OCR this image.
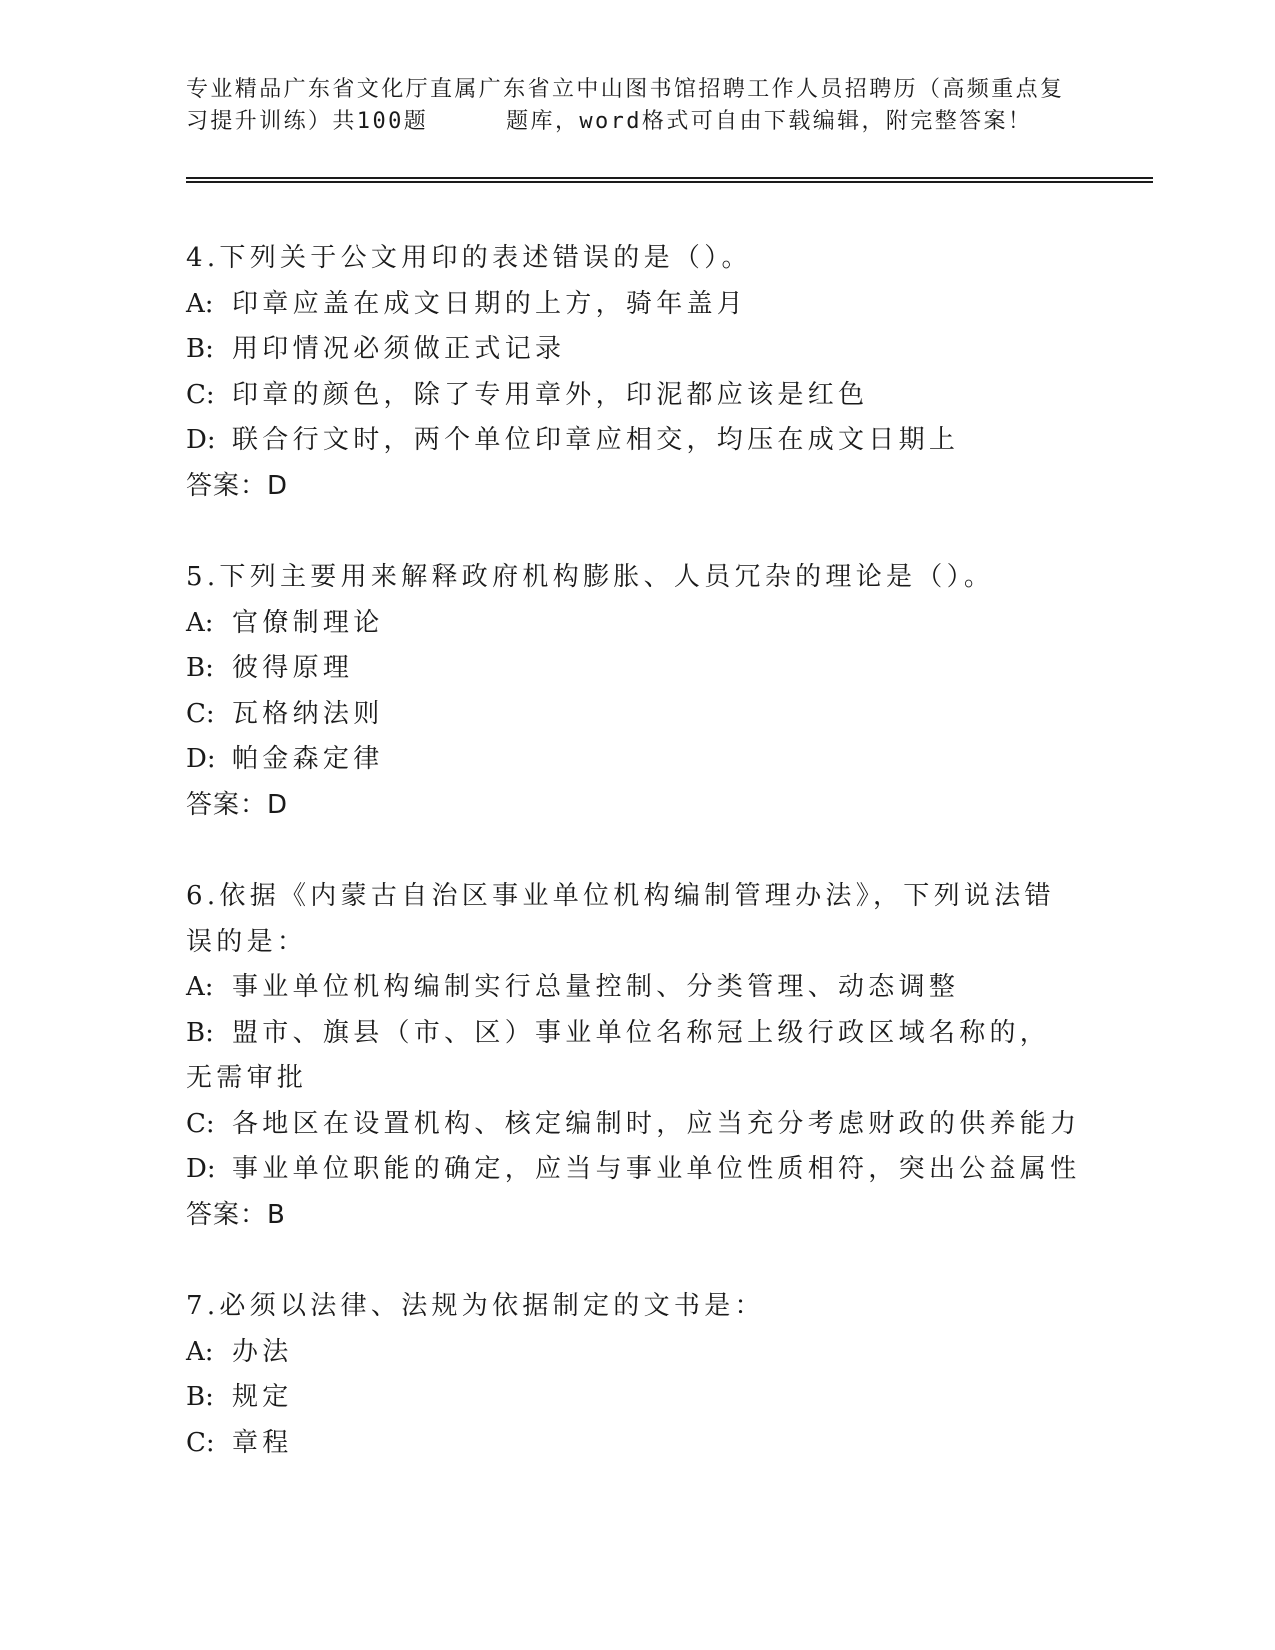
专业精品广东省文化厅直属广东省立中山图书馆招聘工作人员招聘历（高频重点复
习提升训练）共100题	题库，word格式可自由下载编辑，附完整答案！
4.下列关于公文用印的表述错误的是（）。
A: 印章应盖在成文日期的上方，骑年盖月
B: 用印情况必须做正式记录
C: 印章的颜色，除了专用章外，印泥都应该是红色
D: 联合行文时，两个单位印章应相交，均压在成文日期上
答案：D
5.下列主要用来解释政府机构膨胀、人员冗杂的理论是（）。
A: 官僚制理论
B: 彼得原理
C: 瓦格纳法则
D: 帕金森定律
答案：D
6.依据《内蒙古自治区事业单位机构编制管理办法》，下列说法错误的是：
A: 事业单位机构编制实行总量控制、分类管理、动态调整
B: 盟市、旗县（市、区）事业单位名称冠上级行政区域名称的，无需审批
C: 各地区在设置机构、核定编制时，应当充分考虑财政的供养能力
D: 事业单位职能的确定，应当与事业单位性质相符，突出公益属性
答案：B
7.必须以法律、法规为依据制定的文书是：
A: 办法
B: 规定
C: 章程
